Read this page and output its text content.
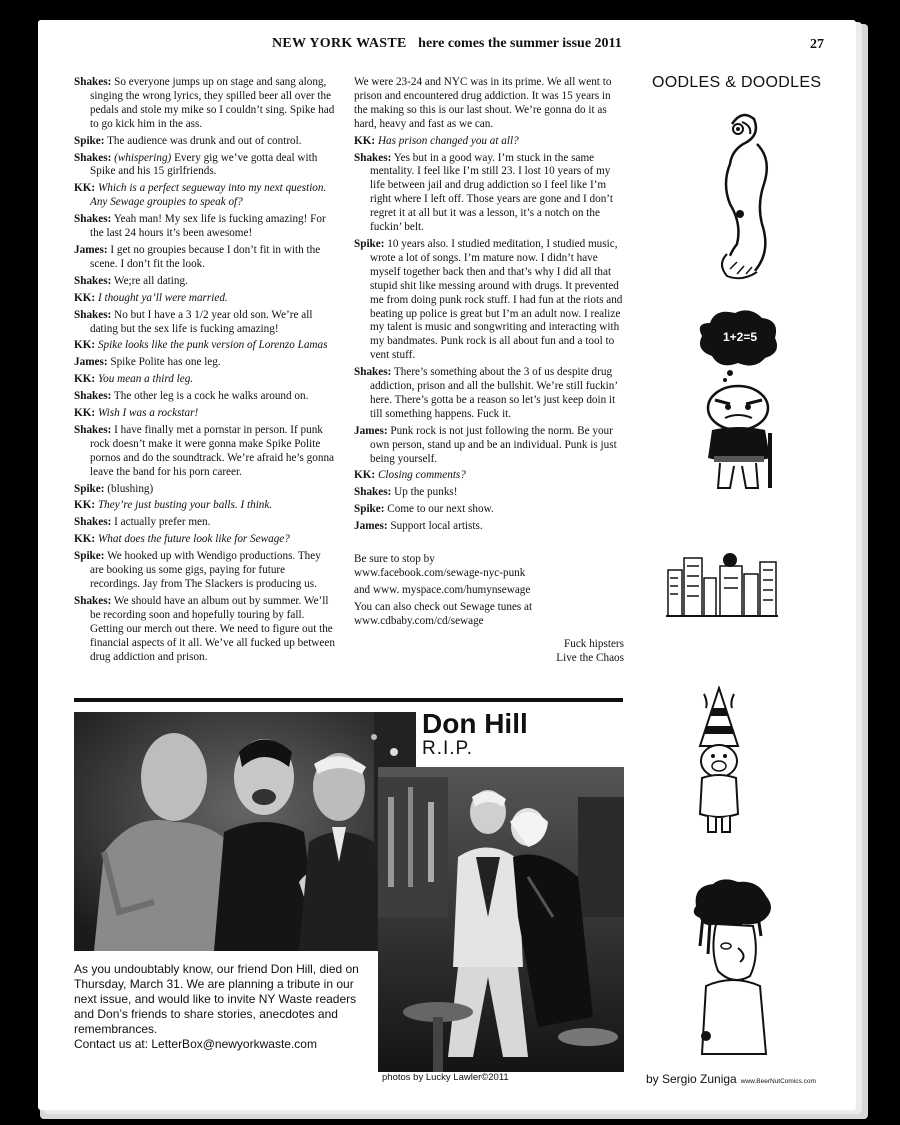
NEW YORK WASTE here comes the summer issue 2011	27

Shakes: So everyone jumps up on stage and sang along, singing the wrong lyrics, they spilled beer all over the pedals and stole my mike so I couldn’t sing. Spike had to go kick him in the ass.

Spike: The audience was drunk and out of control.

Shakes: (whispering) Every gig we’ve gotta deal with Spike and his 15 girlfriends.

KK: Which is a perfect segueway into my next question. Any Sewage groupies to speak of?

Shakes: Yeah man! My sex life is fucking amazing! For the last 24 hours it’s been awesome!

James: I get no groupies because I don’t fit in with the scene. I don’t fit the look.

Shakes: We;re all dating.

KK: I thought ya’ll were married.

Shakes: No but I have a 3 1/2 year old son. We’re all dating but the sex life is fucking amazing!

KK: Spike looks like the punk version of Lorenzo Lamas

James: Spike Polite has one leg.

KK: You mean a third leg.

Shakes: The other leg is a cock he walks around on.

KK: Wish I was a rockstar!

Shakes: I have finally met a pornstar in person. If punk rock doesn’t make it were gonna make Spike Polite pornos and do the soundtrack. We’re afraid he’s gonna leave the band for his porn career.

Spike: (blushing)

KK: They’re just busting your balls. I think.

Shakes: I actually prefer men.

KK: What does the future look like for Sewage?

Spike: We hooked up with Wendigo productions. They are booking us some gigs, paying for future recordings. Jay from The Slackers is producing us.

Shakes: We should have an album out by summer. We’ll be recording soon and hopefully touring by fall. Getting our merch out there. We need to figure out the financial aspects of it all. We’ve all fucked up between drug addiction and prison.

We were 23-24 and NYC was in its prime. We all went to prison and encountered drug addiction. It was 15 years in the making so this is our last shout. We’re gonna do it as hard, heavy and fast as we can.

KK: Has prison changed you at all?

Shakes: Yes but in a good way. I’m stuck in the same mentality. I feel like I’m still 23. I lost 10 years of my life between jail and drug addiction so I feel like I’m right where I left off. Those years are gone and I don’t regret it at all but it was a lesson, it’s a notch on the fuckin’ belt.

Spike: 10 years also. I studied meditation, I studied music, wrote a lot of songs. I’m mature now. I didn’t have myself together back then and that’s why I did all that stupid shit like messing around with drugs. It prevented me from doing punk rock stuff. I had fun at the riots and beating up police is great but I’m an adult now. I realize my talent is music and songwriting and interacting with my bandmates. Punk rock is all about fun and a tool to vent stuff.

Shakes: There’s something about the 3 of us despite drug addiction, prison and all the bullshit. We’re still fuckin’ here. There’s gotta be a reason so let’s just keep doin it till something happens. Fuck it.

James: Punk rock is not just following the norm. Be your own person, stand up and be an individual. Punk is just being yourself.

KK: Closing comments?

Shakes: Up the punks!

Spike: Come to our next show.

James: Support local artists.

Be sure to stop by

www.facebook.com/sewage-nyc-punk

and www. myspace.com/humynsewage

You can also check out Sewage tunes at

www.cdbaby.com/cd/sewage

Fuck hipsters

Live the Chaos

Don Hill
R.I.P.
As you undoubtably know, our friend Don Hill, died on Thursday, March 31. We are planning a tribute in our next issue, and would like to invite NY Waste readers and Don’s friends to share stories, anecdotes and remembrances.
Contact us at: LetterBox@newyorkwaste.com
photos by Lucky Lawler©2011
OODLES & DOODLES
1+2=5
by Sergio Zuniga www.BeerNutComics.com
